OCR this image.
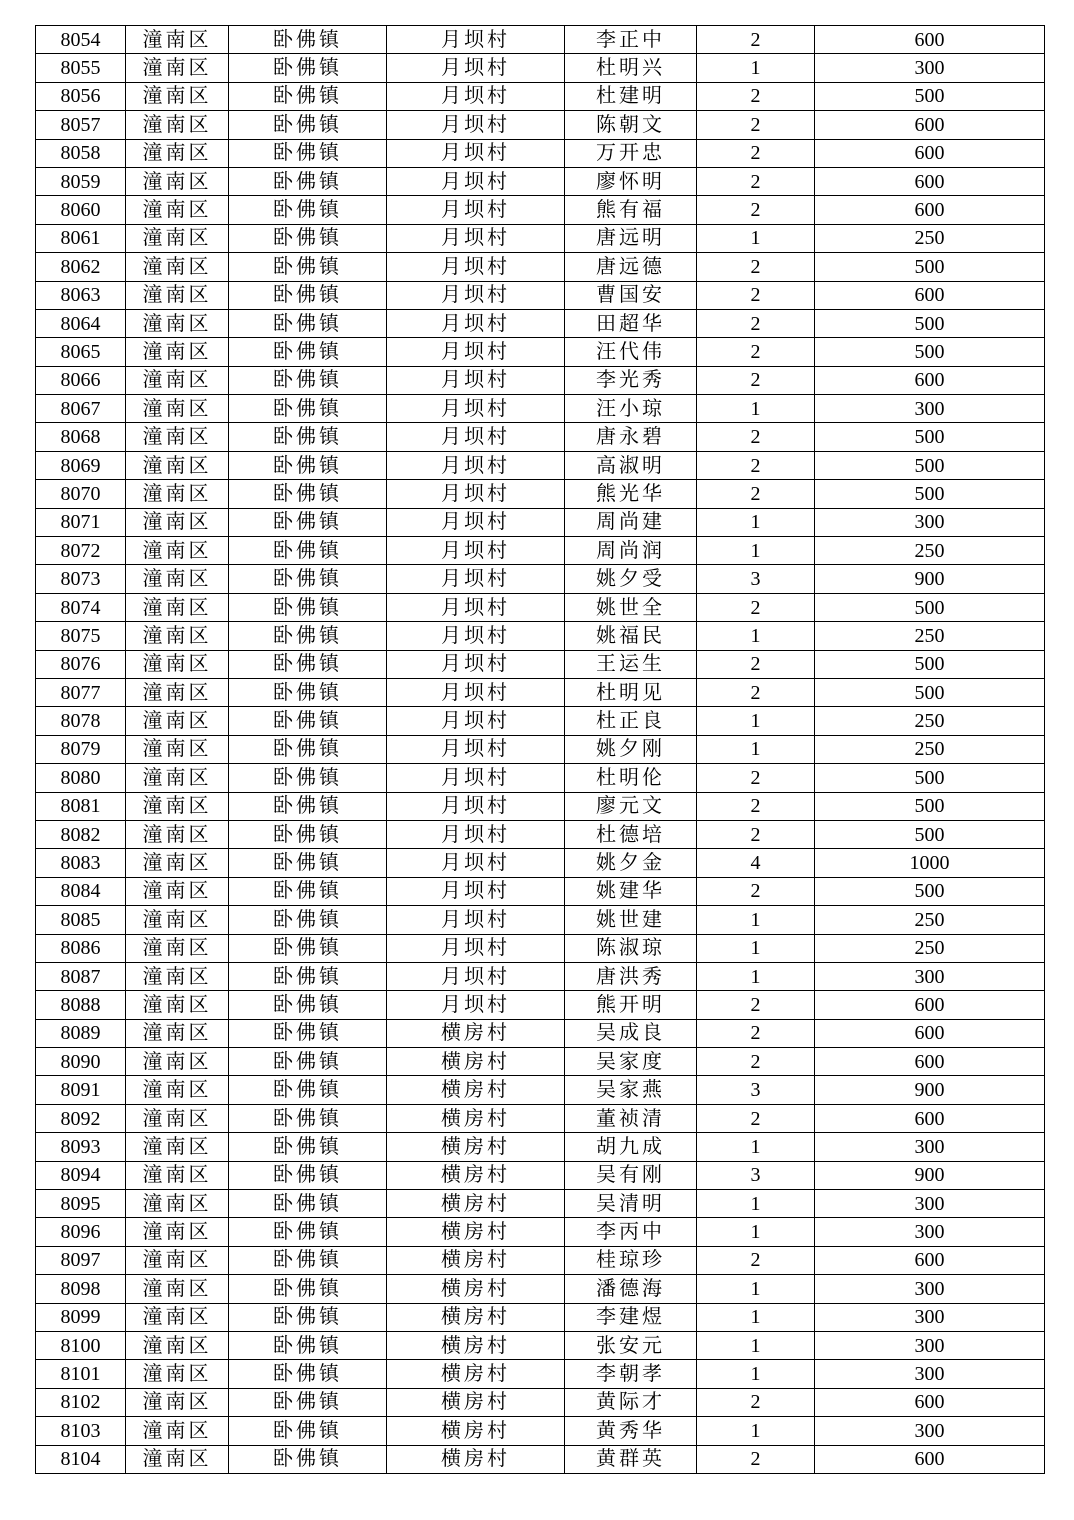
8054	潼南区	卧佛镇	月坝村	李正中	2	600
8055	潼南区	卧佛镇	月坝村	杜明兴	1	300
8056	潼南区	卧佛镇	月坝村	杜建明	2	500
8057	潼南区	卧佛镇	月坝村	陈朝文	2	600
8058	潼南区	卧佛镇	月坝村	万开忠	2	600
8059	潼南区	卧佛镇	月坝村	廖怀明	2	600
8060	潼南区	卧佛镇	月坝村	熊有福	2	600
8061	潼南区	卧佛镇	月坝村	唐远明	1	250
8062	潼南区	卧佛镇	月坝村	唐远德	2	500
8063	潼南区	卧佛镇	月坝村	曹国安	2	600
8064	潼南区	卧佛镇	月坝村	田超华	2	500
8065	潼南区	卧佛镇	月坝村	汪代伟	2	500
8066	潼南区	卧佛镇	月坝村	李光秀	2	600
8067	潼南区	卧佛镇	月坝村	汪小琼	1	300
8068	潼南区	卧佛镇	月坝村	唐永碧	2	500
8069	潼南区	卧佛镇	月坝村	高淑明	2	500
8070	潼南区	卧佛镇	月坝村	熊光华	2	500
8071	潼南区	卧佛镇	月坝村	周尚建	1	300
8072	潼南区	卧佛镇	月坝村	周尚润	1	250
8073	潼南区	卧佛镇	月坝村	姚夕受	3	900
8074	潼南区	卧佛镇	月坝村	姚世全	2	500
8075	潼南区	卧佛镇	月坝村	姚福民	1	250
8076	潼南区	卧佛镇	月坝村	王运生	2	500
8077	潼南区	卧佛镇	月坝村	杜明见	2	500
8078	潼南区	卧佛镇	月坝村	杜正良	1	250
8079	潼南区	卧佛镇	月坝村	姚夕刚	1	250
8080	潼南区	卧佛镇	月坝村	杜明伦	2	500
8081	潼南区	卧佛镇	月坝村	廖元文	2	500
8082	潼南区	卧佛镇	月坝村	杜德培	2	500
8083	潼南区	卧佛镇	月坝村	姚夕金	4	1000
8084	潼南区	卧佛镇	月坝村	姚建华	2	500
8085	潼南区	卧佛镇	月坝村	姚世建	1	250
8086	潼南区	卧佛镇	月坝村	陈淑琼	1	250
8087	潼南区	卧佛镇	月坝村	唐洪秀	1	300
8088	潼南区	卧佛镇	月坝村	熊开明	2	600
8089	潼南区	卧佛镇	横房村	吴成良	2	600
8090	潼南区	卧佛镇	横房村	吴家度	2	600
8091	潼南区	卧佛镇	横房村	吴家燕	3	900
8092	潼南区	卧佛镇	横房村	董祯清	2	600
8093	潼南区	卧佛镇	横房村	胡九成	1	300
8094	潼南区	卧佛镇	横房村	吴有刚	3	900
8095	潼南区	卧佛镇	横房村	吴清明	1	300
8096	潼南区	卧佛镇	横房村	李丙中	1	300
8097	潼南区	卧佛镇	横房村	桂琼珍	2	600
8098	潼南区	卧佛镇	横房村	潘德海	1	300
8099	潼南区	卧佛镇	横房村	李建煜	1	300
8100	潼南区	卧佛镇	横房村	张安元	1	300
8101	潼南区	卧佛镇	横房村	李朝孝	1	300
8102	潼南区	卧佛镇	横房村	黄际才	2	600
8103	潼南区	卧佛镇	横房村	黄秀华	1	300
8104	潼南区	卧佛镇	横房村	黄群英	2	600
